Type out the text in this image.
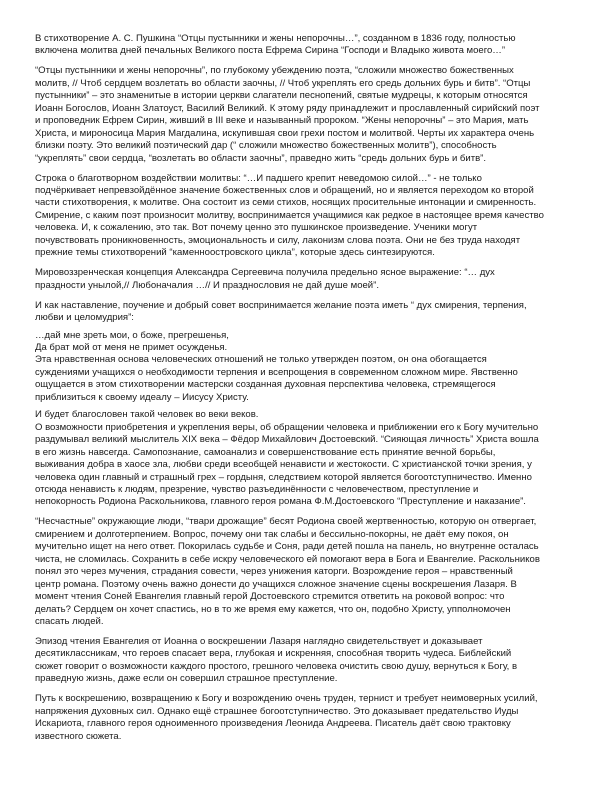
В стихотворение А. С. Пушкина “Отцы пустынники и жены непорочны…”, созданном в 1836 году, полностью
включена молитва дней печальных Великого поста Ефрема Сирина “Господи и Владыко живота моего…”

“Отцы пустынники и жены непорочны”, по глубокому убеждению поэта, “сложили множество божественных
молитв, // Чтоб сердцем возлетать во области заочны, // Чтоб укреплять его средь дольних бурь и битв”. “Отцы
пустынники” – это знаменитые в истории церкви слагатели песнопений, святые мудрецы, к которым относятся
Иоанн Богослов, Иоанн Златоуст, Василий Великий. К этому ряду принадлежит и прославленный сирийский поэт
и проповедник Ефрем Сирин, живший в III веке и называнный пророком. “Жены непорочны” – это Мария, мать
Христа, и мироносица Мария Магдалина, искупившая свои грехи постом и молитвой. Черты их характера очень
близки поэту. Это великий поэтический дар (“ сложили множество божественных молитв”), способность
“укреплять” свои сердца, “возлетать во области заочны”, праведно жить “средь дольних бурь и битв”.

Строка о благотворном воздействии молитвы: “…И падшего крепит неведомою силой…” - не только
подчёркивает непревзойдённое значение божественных слов и обращений, но и является переходом ко второй
части стихотворения, к молитве. Она состоит из семи стихов, носящих просительные интонации и смиренность.
Смирение, с каким поэт произносит молитву, воспринимается учащимися как редкое в настоящее время качество
человека. И, к сожалению, это так. Вот почему ценно это пушкинское произведение. Ученики могут
почувствовать проникновенность, эмоциональность и силу, лаконизм слова поэта. Они не без труда находят
прежние темы стихотворений “каменноостровского цикла”, которые здесь синтезируются.

Мировоззренческая концепция Александра Сергеевича получила предельно ясное выражение: “… дух
праздности унылой,// Любоначалия …// И празднословия не дай душе моей”.

И как наставление, поучение и добрый совет воспринимается желание поэта иметь “ дух смирения, терпения,
любви и целомудрия”:

…дай мне зреть мои, о боже, прегрешенья,
Да брат мой от меня не примет осужденья.
Эта нравственная основа человеческих отношений не только утвержден поэтом, он она обогащается
суждениями учащихся о необходимости терпения и всепрощения в современном сложном мире. Явственно
ощущается в этом стихотворении мастерски созданная духовная перспектива человека, стремящегося
приблизиться к своему идеалу – Иисусу Христу.

И будет благословен такой человек во веки веков.

О возможности приобретения и укрепления веры, об обращении человека и приближении его к Богу мучительно
раздумывал великий мыслитель XIX века – Фёдор Михайлович Достоевский. “Сияющая личность” Христа вошла
в его жизнь навсегда. Самопознание, самоанализ и совершенствование есть принятие вечной борьбы,
выживания добра в хаосе зла, любви среди всеобщей ненависти и жестокости. С христианской точки зрения, у
человека один главный и страшный грех – гордыня, следствием которой является богоотступничество. Именно
отсюда ненависть к людям, презрение, чувство разъединённости с человечеством, преступление и
непокорность Родиона Раскольникова, главного героя романа Ф.М.Достоевского “Преступление и наказание”.

“Несчастные” окружающие люди, “твари дрожащие” бесят Родиона своей жертвенностью, которую он отвергает,
смирением и долготерпением. Вопрос, почему они так слабы и бессильно-покорны, не даёт ему покоя, он
мучительно ищет на него ответ. Покорилась судьбе и Соня, ради детей пошла на панель, но внутренне осталась
чиста, не сломилась. Сохранить в себе искру человеческого ей помогают вера в Бога и Евангелие. Раскольников
понял это через мучения, страдания совести, через унижения каторги. Возрождение героя – нравственный
центр романа. Поэтому очень важно донести до учащихся сложное значение сцены воскрешения Лазаря. В
момент чтения Соней Евангелия главный герой Достоевского стремится ответить на роковой вопрос: что
делать? Сердцем он хочет спастись, но в то же время ему кажется, что он, подобно Христу, упполномочен
спасать людей.

Эпизод чтения Евангелия от Иоанна о воскрешении Лазаря наглядно свидетельствует и доказывает
десятиклассникам, что героев спасает вера, глубокая и искренняя, способная творить чудеса. Библейский
сюжет говорит о возможности каждого простого, грешного человека очистить свою душу, вернуться к Богу, в
праведную жизнь, даже если он совершил страшное преступление.

Путь к воскрешению, возвращению к Богу и возрождению очень труден, тернист и требует неимоверных усилий,
напряжения духовных сил. Однако ещё страшнее богоотступничество. Это доказывает предательство Иуды
Искариота, главного героя одноименного произведения Леонида Андреева. Писатель даёт свою трактовку
известного сюжета.
